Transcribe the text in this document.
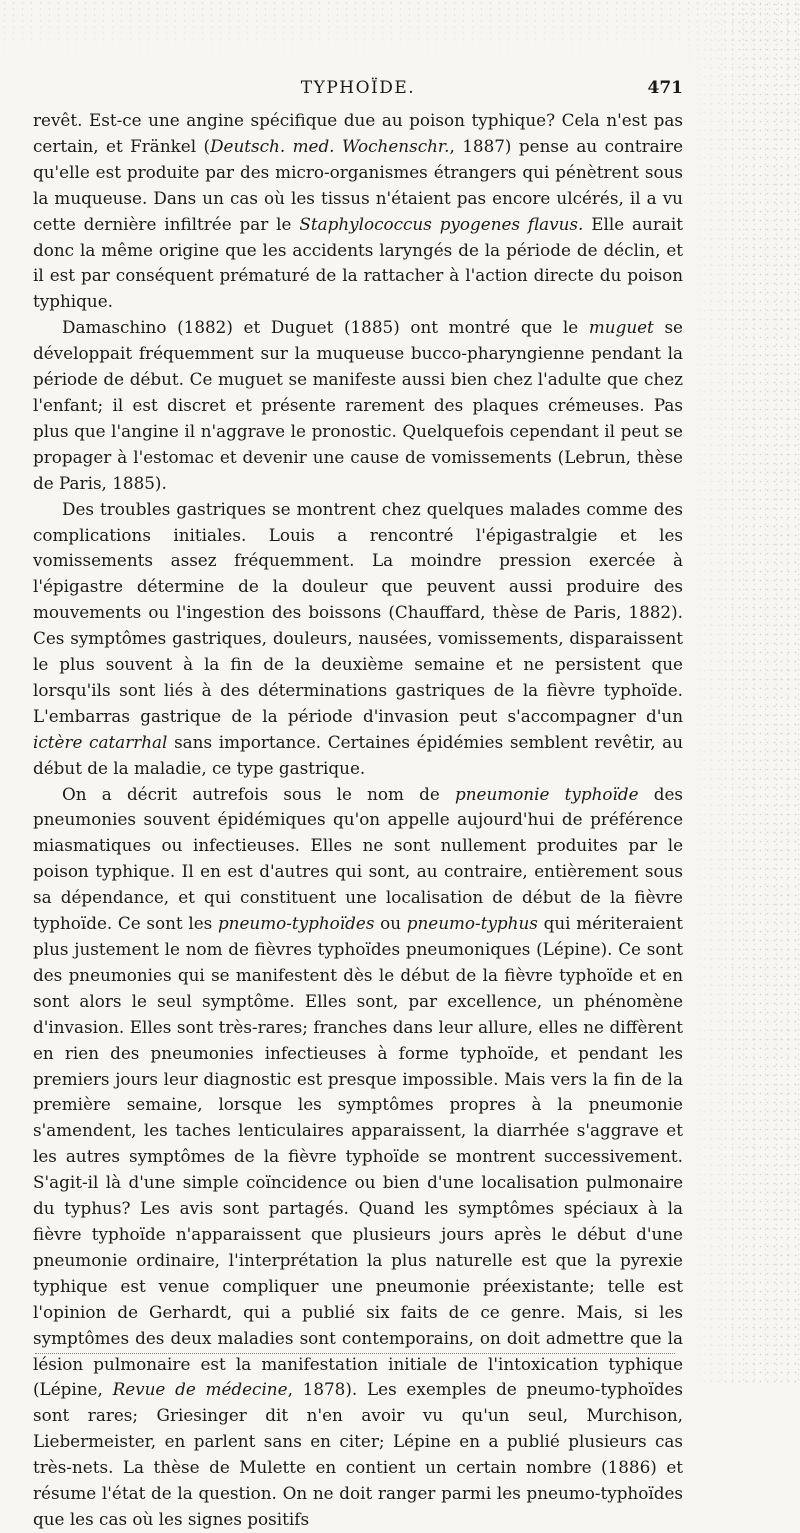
TYPHOÏDE.	471

revêt. Est-ce une angine spécifique due au poison typhique? Cela n'est pas certain, et Fränkel (Deutsch. med. Wochenschr., 1887) pense au contraire qu'elle est produite par des micro-organismes étrangers qui pénètrent sous la muqueuse. Dans un cas où les tissus n'étaient pas encore ulcérés, il a vu cette dernière infiltrée par le Staphylococcus pyogenes flavus. Elle aurait donc la même origine que les accidents laryngés de la période de déclin, et il est par conséquent prématuré de la rattacher à l'action directe du poison typhique.

Damaschino (1882) et Duguet (1885) ont montré que le muguet se développait fréquemment sur la muqueuse bucco-pharyngienne pendant la période de début. Ce muguet se manifeste aussi bien chez l'adulte que chez l'enfant; il est discret et présente rarement des plaques crémeuses. Pas plus que l'angine il n'aggrave le pronostic. Quelquefois cependant il peut se propager à l'estomac et devenir une cause de vomissements (Lebrun, thèse de Paris, 1885).

Des troubles gastriques se montrent chez quelques malades comme des complications initiales. Louis a rencontré l'épigastralgie et les vomissements assez fréquemment. La moindre pression exercée à l'épigastre détermine de la douleur que peuvent aussi produire des mouvements ou l'ingestion des boissons (Chauffard, thèse de Paris, 1882). Ces symptômes gastriques, douleurs, nausées, vomissements, disparaissent le plus souvent à la fin de la deuxième semaine et ne persistent que lorsqu'ils sont liés à des déterminations gastriques de la fièvre typhoïde. L'embarras gastrique de la période d'invasion peut s'accompagner d'un ictère catarrhal sans importance. Certaines épidémies semblent revêtir, au début de la maladie, ce type gastrique.

On a décrit autrefois sous le nom de pneumonie typhoïde des pneumonies souvent épidémiques qu'on appelle aujourd'hui de préférence miasmatiques ou infectieuses. Elles ne sont nullement produites par le poison typhique. Il en est d'autres qui sont, au contraire, entièrement sous sa dépendance, et qui constituent une localisation de début de la fièvre typhoïde. Ce sont les pneumo-typhoïdes ou pneumo-typhus qui mériteraient plus justement le nom de fièvres typhoïdes pneumoniques (Lépine). Ce sont des pneumonies qui se manifestent dès le début de la fièvre typhoïde et en sont alors le seul symptôme. Elles sont, par excellence, un phénomène d'invasion. Elles sont très-rares; franches dans leur allure, elles ne diffèrent en rien des pneumonies infectieuses à forme typhoïde, et pendant les premiers jours leur diagnostic est presque impossible. Mais vers la fin de la première semaine, lorsque les symptômes propres à la pneumonie s'amendent, les taches lenticulaires apparaissent, la diarrhée s'aggrave et les autres symptômes de la fièvre typhoïde se montrent successivement. S'agit-il là d'une simple coïncidence ou bien d'une localisation pulmonaire du typhus? Les avis sont partagés. Quand les symptômes spéciaux à la fièvre typhoïde n'apparaissent que plusieurs jours après le début d'une pneumonie ordinaire, l'interprétation la plus naturelle est que la pyrexie typhique est venue compliquer une pneumonie préexistante; telle est l'opinion de Gerhardt, qui a publié six faits de ce genre. Mais, si les symptômes des deux maladies sont contemporains, on doit admettre que la lésion pulmonaire est la manifestation initiale de l'intoxication typhique (Lépine, Revue de médecine, 1878). Les exemples de pneumo-typhoïdes sont rares; Griesinger dit n'en avoir vu qu'un seul, Murchison, Liebermeister, en parlent sans en citer; Lépine en a publié plusieurs cas très-nets. La thèse de Mulette en contient un certain nombre (1886) et résume l'état de la question. On ne doit ranger parmi les pneumo-typhoïdes que les cas où les signes positifs
